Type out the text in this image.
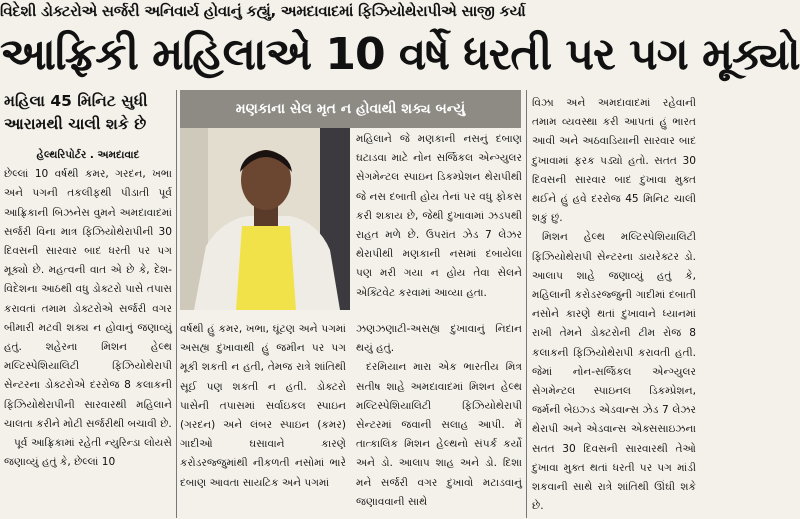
વિદેશી ડોક્ટરોએ સર્જરી અનિવાર્ય હોવાનું કહ્યું, અમદાવાદમાં ફિઝિયોથેરાપીએ સાજી કર્યા
આફ્રિકી મહિલાએ 10 વર્ષે ધરતી પર પગ મૂક્યો
મહિલા 45 મિનિટ સુધી આરામથી ચાલી શકે છે

હેલ્થરિપોર્ટર . અમદાવાદ

છેલ્લાં 10 વર્ષથી કમર, ગરદન, ખભા અને પગની તકલીફથી પીડાતી પૂર્વ આફ્રિકાની બિઝનેસ વુમને અમદાવાદમાં સર્જરી વિના માત્ર ફિઝિયોથેરાપીની 30 દિવસની સારવાર બાદ ધરતી પર પગ મૂક્યો છે. મહત્વની વાત એ છે કે, દેશ-વિદેશના આઠથી વધુ ડોક્ટરો પાસે તપાસ કરાવતાં તમામ ડોક્ટરોએ સર્જરી વગર બીમારી મટવી શક્ય ન હોવાનું જણાવ્યું હતું. શહેરના મિશન હેલ્થ મલ્ટિસ્પેશિયાલિટી ફિઝિયોથેરાપી સેન્ટરના ડોક્ટરોએ દરરોજ 8 કલાકની ફિઝિયોથેરાપીની સારવારથી મહિલાને ચાલતા કરીને મોટી સર્જરીથી બચાવી છે.

પૂર્વ આફ્રિકામાં રહેતી ન્યુરિન્ડા લોયસે જણાવ્યું હતું કે, છેલ્લાં 10

મણકાના સેલ મૃત ન હોવાથી શક્ય બન્યું

મહિલાને જે મણકાની નસનું દબાણ ઘટાડવા માટે નોન સર્જિકલ એન્ગ્યુલર સેગમેન્ટલ સ્પાઇન ડિકમ્પ્રેશન થેરાપીથી જે નસ દબાતી હોય તેનાં પર વધુ ફોકસ કરી શકાય છે, જેથી દુખાવામાં ઝડપથી રાહત મળે છે. ઉપરાંત ઝેડ 7 લેઝર થેરાપીથી મણકાની નસમાં દબાયેલા પણ મરી ગયા ન હોય તેવા સેલને એક્ટિવેટ કરવામાં આવ્યા હતા.

વિઝા અને અમદાવાદમાં રહેવાની તમામ વ્યવસ્થા કરી આપતાં હું ભારત આવી અને અઠવાડિયાની સારવાર બાદ દુખાવામાં ફરક પડ્યો હતો. સતત 30 દિવસની સારવાર બાદ દુખાવા મુક્ત થઈને હું હવે દરરોજ 45 મિનિટ ચાલી શકું છું.

મિશન હેલ્થ મલ્ટિસ્પેશિયાલિટી ફિઝિયોથેરાપી સેન્ટરના ડાયરેક્ટર ડો. આલાપ શાહે જણાવ્યું હતું કે, મહિલાની કરોડરજ્જુની ગાદીમાં દબાતી નસોને કારણે થતાં દુખાવાને ધ્યાનમાં રાખી તેમને ડોક્ટરોની ટીમ રોજ 8 કલાકની ફિઝિયોથેરાપી કરાવતી હતી. જેમાં નોન-સર્જિકલ એન્ગ્યુલર સેગમેન્ટલ સ્પાઇનલ ડિકમ્પ્રેશન, જર્મની બેઇઝ્ડ એડવાન્સ ઝેડ 7 લેઝર થેરાપી અને એડવાન્સ એક્સસાઇઝના સતત 30 દિવસની સારવારથી તેઓ દુખાવા મુક્ત થતાં ધરતી પર પગ માંડી શકવાની સાથે રાત્રે શાંતિથી ઊંઘી શકે છે.

વર્ષથી હું કમર, ખભા, ઘૂંટણ અને પગમાં અસહ્ય દુખાવાથી હું જમીન પર પગ મૂકી શકતી ન હતી, તેમજ રાત્રે શાંતિથી સૂઈ પણ શકતી ન હતી. ડોક્ટરો પાસેની તપાસમાં સર્વાઇકલ સ્પાઇન (ગરદન) અને લંબર સ્પાઇન (કમર) ગાદીઓ ઘસાવાને કારણે કરોડરજ્જુમાંથી નીકળતી નસોમાં ભારે દબાણ આવતા સાયટિક અને પગમાં

ઝણઝણાટી-અસહ્ય દુખાવાનું નિદાન થયું હતું.

દરમિયાન મારા એક ભારતીય મિત્ર સતીષ શાહે અમદાવાદમાં મિશન હેલ્થ મલ્ટિસ્પેશિયાલિટી ફિઝિયોથેરાપી સેન્ટરમાં જવાની સલાહ આપી. મેં તાત્કાલિક મિશન હેલ્થનો સંપર્ક કર્યો અને ડો. આલાપ શાહ અને ડો. દિશા મને સર્જરી વગર દુખાવો મટાડવાનું જણાવવાની સાથે
